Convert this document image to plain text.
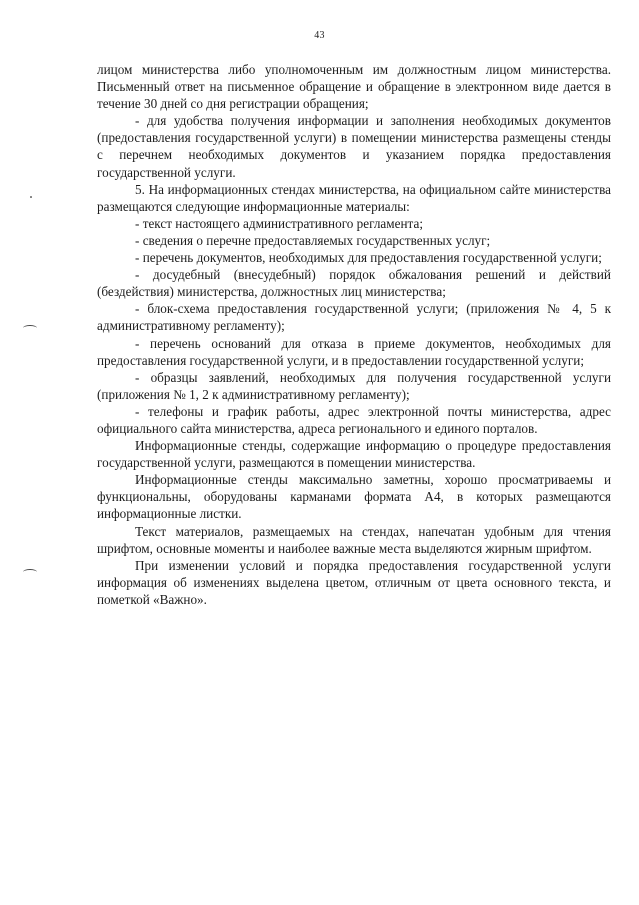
43

лицом министерства либо уполномоченным им должностным лицом министерства. Письменный ответ на письменное обращение и обращение в электронном виде дается в течение 30 дней со дня регистрации обращения;

- для удобства получения информации и заполнения необходимых документов (предоставления государственной услуги) в помещении министерства размещены стенды с перечнем необходимых документов и указанием порядка предоставления государственной услуги.

5. На информационных стендах министерства, на официальном сайте министерства размещаются следующие информационные материалы:

- текст настоящего административного регламента;

- сведения о перечне предоставляемых государственных услуг;

- перечень документов, необходимых для предоставления государственной услуги;

- досудебный (внесудебный) порядок обжалования решений и действий (бездействия) министерства, должностных лиц министерства;

- блок-схема предоставления государственной услуги; (приложения № 4, 5 к административному регламенту);

- перечень оснований для отказа в приеме документов, необходимых для предоставления государственной услуги, и в предоставлении государственной услуги;

- образцы заявлений, необходимых для получения государственной услуги (приложения № 1, 2 к административному регламенту);

- телефоны и график работы, адрес электронной почты министерства, адрес официального сайта министерства, адреса регионального и единого порталов.

Информационные стенды, содержащие информацию о процедуре предоставления государственной услуги, размещаются в помещении министерства.

Информационные стенды максимально заметны, хорошо просматриваемы и функциональны, оборудованы карманами формата А4, в которых размещаются информационные листки.

Текст материалов, размещаемых на стендах, напечатан удобным для чтения шрифтом, основные моменты и наиболее важные места выделяются жирным шрифтом.

При изменении условий и порядка предоставления государственной услуги информация об изменениях выделена цветом, отличным от цвета основного текста, и пометкой «Важно».
